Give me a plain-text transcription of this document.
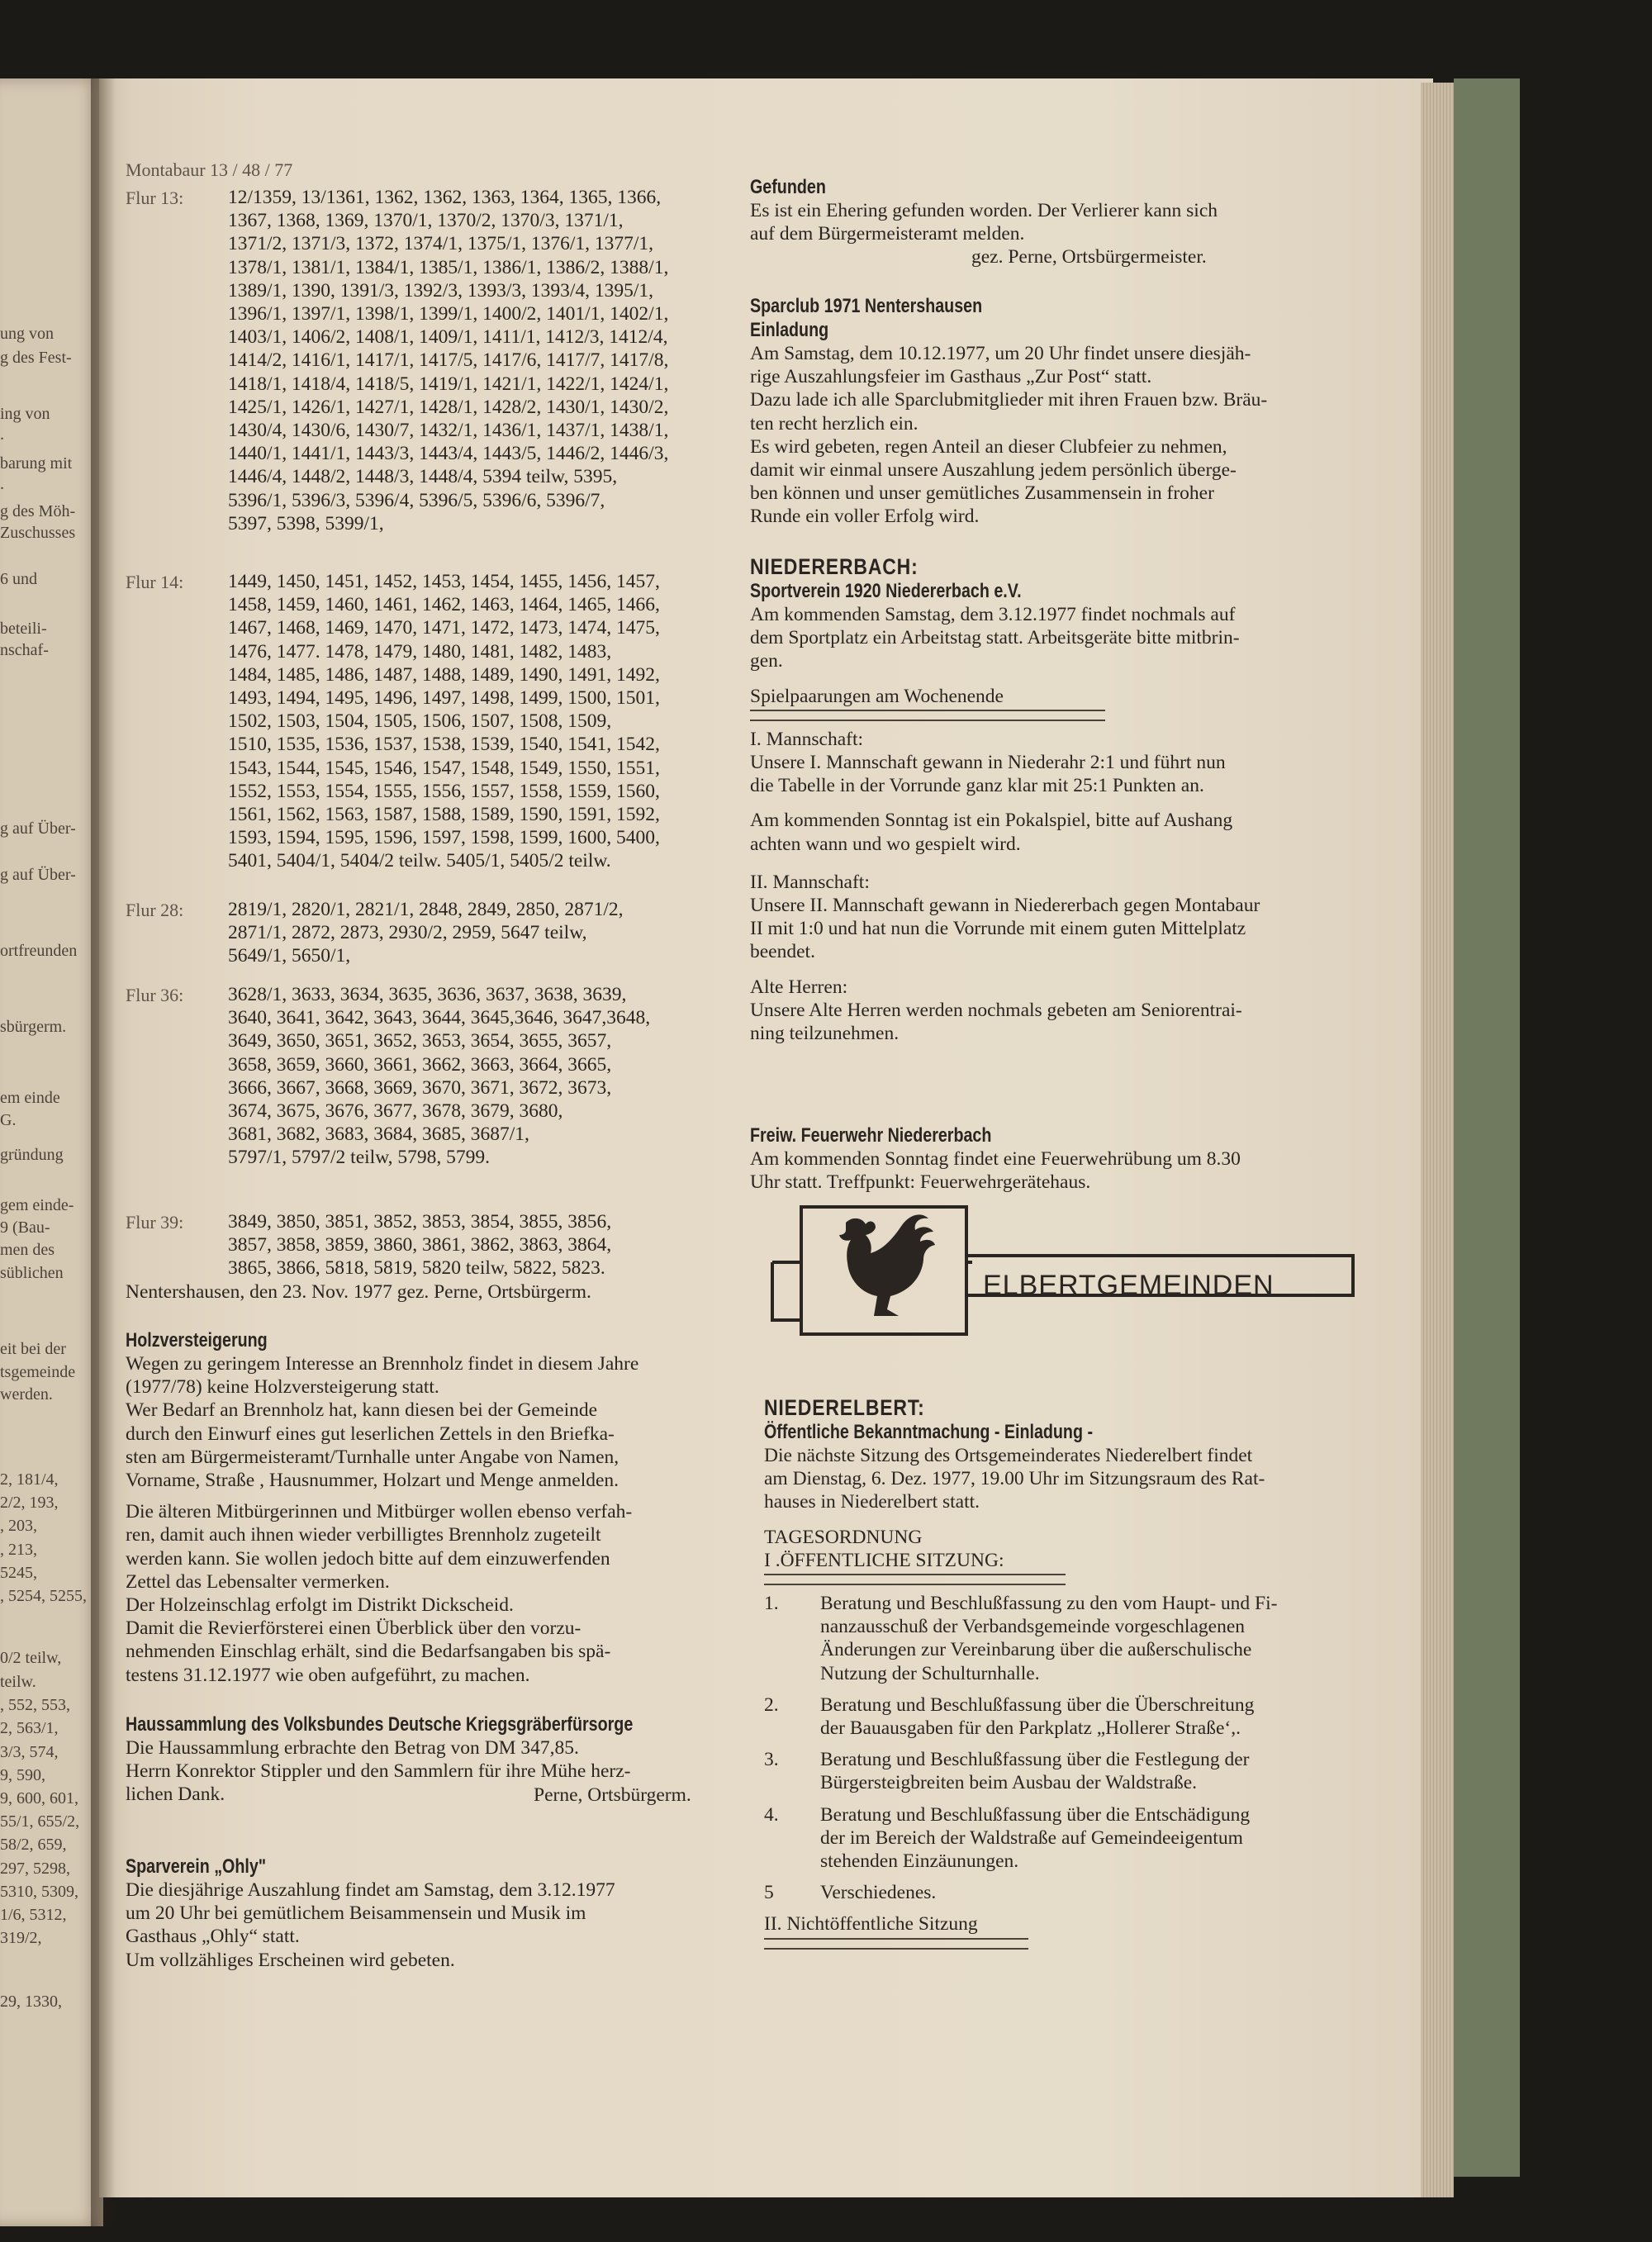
ung von
g des Fest-
ing von
.
barung mit
.
g des Möh-
Zuschusses
6 und
beteili-
nschaf-
g auf Über-
g auf Über-
ortfreunden
sbürgerm.
em einde
G.
gründung
gem einde-
9 (Bau-
men des
süblichen
eit bei der
tsgemeinde
werden.
2, 181/4,
2/2, 193,
, 203,
, 213,
5245,
, 5254, 5255,
0/2 teilw,
teilw.
, 552, 553,
2, 563/1,
3/3, 574,
9, 590,
9, 600, 601,
55/1, 655/2,
58/2, 659,
297, 5298,
5310, 5309,
1/6, 5312,
319/2,
29, 1330,
Montabaur 13 / 48 / 77
Flur 13: 12/1359, 13/1361, 1362, 1362, 1363, 1364, 1365, 1366,
1367, 1368, 1369, 1370/1, 1370/2, 1370/3, 1371/1,
1371/2, 1371/3, 1372, 1374/1, 1375/1, 1376/1, 1377/1,
1378/1, 1381/1, 1384/1, 1385/1, 1386/1, 1386/2, 1388/1,
1389/1, 1390, 1391/3, 1392/3, 1393/3, 1393/4, 1395/1,
1396/1, 1397/1, 1398/1, 1399/1, 1400/2, 1401/1, 1402/1,
1403/1, 1406/2, 1408/1, 1409/1, 1411/1, 1412/3, 1412/4,
1414/2, 1416/1, 1417/1, 1417/5, 1417/6, 1417/7, 1417/8,
1418/1, 1418/4, 1418/5, 1419/1, 1421/1, 1422/1, 1424/1,
1425/1, 1426/1, 1427/1, 1428/1, 1428/2, 1430/1, 1430/2,
1430/4, 1430/6, 1430/7, 1432/1, 1436/1, 1437/1, 1438/1,
1440/1, 1441/1, 1443/3, 1443/4, 1443/5, 1446/2, 1446/3,
1446/4, 1448/2, 1448/3, 1448/4, 5394 teilw, 5395,
5396/1, 5396/3, 5396/4, 5396/5, 5396/6, 5396/7,
5397, 5398, 5399/1,
Flur 14: 1449, 1450, 1451, 1452, 1453, 1454, 1455, 1456, 1457,
1458, 1459, 1460, 1461, 1462, 1463, 1464, 1465, 1466,
1467, 1468, 1469, 1470, 1471, 1472, 1473, 1474, 1475,
1476, 1477. 1478, 1479, 1480, 1481, 1482, 1483,
1484, 1485, 1486, 1487, 1488, 1489, 1490, 1491, 1492,
1493, 1494, 1495, 1496, 1497, 1498, 1499, 1500, 1501,
1502, 1503, 1504, 1505, 1506, 1507, 1508, 1509,
1510, 1535, 1536, 1537, 1538, 1539, 1540, 1541, 1542,
1543, 1544, 1545, 1546, 1547, 1548, 1549, 1550, 1551,
1552, 1553, 1554, 1555, 1556, 1557, 1558, 1559, 1560,
1561, 1562, 1563, 1587, 1588, 1589, 1590, 1591, 1592,
1593, 1594, 1595, 1596, 1597, 1598, 1599, 1600, 5400,
5401, 5404/1, 5404/2 teilw. 5405/1, 5405/2 teilw.
Flur 28: 2819/1, 2820/1, 2821/1, 2848, 2849, 2850, 2871/2,
2871/1, 2872, 2873, 2930/2, 2959, 5647 teilw,
5649/1, 5650/1,
Flur 36: 3628/1, 3633, 3634, 3635, 3636, 3637, 3638, 3639,
3640, 3641, 3642, 3643, 3644, 3645,3646, 3647,3648,
3649, 3650, 3651, 3652, 3653, 3654, 3655, 3657,
3658, 3659, 3660, 3661, 3662, 3663, 3664, 3665,
3666, 3667, 3668, 3669, 3670, 3671, 3672, 3673,
3674, 3675, 3676, 3677, 3678, 3679, 3680,
3681, 3682, 3683, 3684, 3685, 3687/1,
5797/1, 5797/2 teilw, 5798, 5799.
Flur 39: 3849, 3850, 3851, 3852, 3853, 3854, 3855, 3856,
3857, 3858, 3859, 3860, 3861, 3862, 3863, 3864,
3865, 3866, 5818, 5819, 5820 teilw, 5822, 5823.
Nentershausen, den 23. Nov. 1977 gez. Perne, Ortsbürgerm.
Holzversteigerung
Wegen zu geringem Interesse an Brennholz findet in diesem Jahre
(1977/78) keine Holzversteigerung statt.
Wer Bedarf an Brennholz hat, kann diesen bei der Gemeinde
durch den Einwurf eines gut leserlichen Zettels in den Briefka-
sten am Bürgermeisteramt/Turnhalle unter Angabe von Namen,
Vorname, Straße , Hausnummer, Holzart und Menge anmelden.
Die älteren Mitbürgerinnen und Mitbürger wollen ebenso verfah-
ren, damit auch ihnen wieder verbilligtes Brennholz zugeteilt
werden kann. Sie wollen jedoch bitte auf dem einzuwerfenden
Zettel das Lebensalter vermerken.
Der Holzeinschlag erfolgt im Distrikt Dickscheid.
Damit die Revierförsterei einen Überblick über den vorzu-
nehmenden Einschlag erhält, sind die Bedarfsangaben bis spä-
testens 31.12.1977 wie oben aufgeführt, zu machen.
Haussammlung des Volksbundes Deutsche Kriegsgräberfürsorge
Die Haussammlung erbrachte den Betrag von DM 347,85.
Herrn Konrektor Stippler und den Sammlern für ihre Mühe herz-
lichen Dank.	Perne, Ortsbürgerm.
Sparverein „Ohly"
Die diesjährige Auszahlung findet am Samstag, dem 3.12.1977
um 20 Uhr bei gemütlichem Beisammensein und Musik im
Gasthaus „Ohly“ statt.
Um vollzähliges Erscheinen wird gebeten.
Gefunden
Es ist ein Ehering gefunden worden. Der Verlierer kann sich
auf dem Bürgermeisteramt melden.
gez. Perne, Ortsbürgermeister.
Sparclub 1971 Nentershausen
Einladung
Am Samstag, dem 10.12.1977, um 20 Uhr findet unsere diesjäh-
rige Auszahlungsfeier im Gasthaus „Zur Post“ statt.
Dazu lade ich alle Sparclubmitglieder mit ihren Frauen bzw. Bräu-
ten recht herzlich ein.
Es wird gebeten, regen Anteil an dieser Clubfeier zu nehmen,
damit wir einmal unsere Auszahlung jedem persönlich überge-
ben können und unser gemütliches Zusammensein in froher
Runde ein voller Erfolg wird.
NIEDERERBACH:
Sportverein 1920 Niedererbach e.V.
Am kommenden Samstag, dem 3.12.1977 findet nochmals auf
dem Sportplatz ein Arbeitstag statt. Arbeitsgeräte bitte mitbrin-
gen.
Spielpaarungen am Wochenende
I. Mannschaft:
Unsere I. Mannschaft gewann in Niederahr 2:1 und führt nun
die Tabelle in der Vorrunde ganz klar mit 25:1 Punkten an.
Am kommenden Sonntag ist ein Pokalspiel, bitte auf Aushang
achten wann und wo gespielt wird.
II. Mannschaft:
Unsere II. Mannschaft gewann in Niedererbach gegen Montabaur
II mit 1:0 und hat nun die Vorrunde mit einem guten Mittelplatz
beendet.
Alte Herren:
Unsere Alte Herren werden nochmals gebeten am Seniorentrai-
ning teilzunehmen.
Freiw. Feuerwehr Niedererbach
Am kommenden Sonntag findet eine Feuerwehrübung um 8.30
Uhr statt. Treffpunkt: Feuerwehrgerätehaus.
ELBERTGEMEINDEN
NIEDERELBERT:
Öffentliche Bekanntmachung - Einladung -
Die nächste Sitzung des Ortsgemeinderates Niederelbert findet
am Dienstag, 6. Dez. 1977, 19.00 Uhr im Sitzungsraum des Rat-
hauses in Niederelbert statt.
TAGESORDNUNG
I .ÖFFENTLICHE SITZUNG:
1. Beratung und Beschlußfassung zu den vom Haupt- und Fi-
nanzausschuß der Verbandsgemeinde vorgeschlagenen
Änderungen zur Vereinbarung über die außerschulische
Nutzung der Schulturnhalle.
2. Beratung und Beschlußfassung über die Überschreitung
der Bauausgaben für den Parkplatz „Hollerer Straße‘,.
3. Beratung und Beschlußfassung über die Festlegung der
Bürgersteigbreiten beim Ausbau der Waldstraße.
4. Beratung und Beschlußfassung über die Entschädigung
der im Bereich der Waldstraße auf Gemeindeeigentum
stehenden Einzäunungen.
5 Verschiedenes.
II. Nichtöffentliche Sitzung
